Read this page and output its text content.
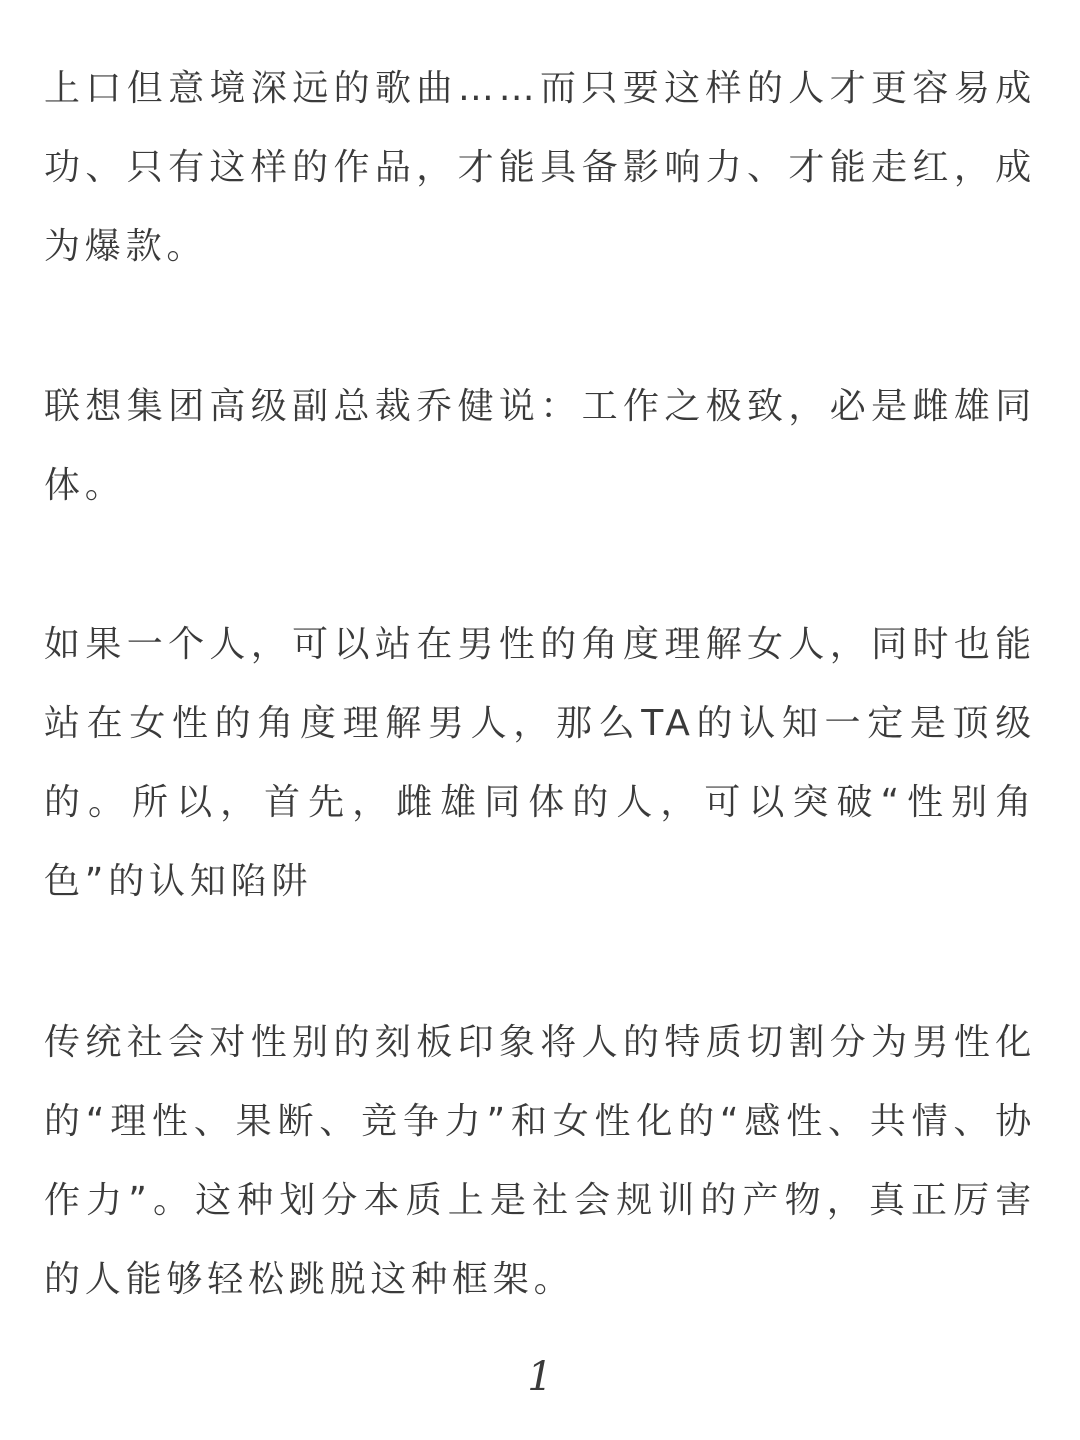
上口但意境深远的歌曲……而只要这样的人才更容易成功、只有这样的作品，才能具备影响力、才能走红，成为爆款。

联想集团高级副总裁乔健说：工作之极致，必是雌雄同体。

如果一个人，可以站在男性的角度理解女人，同时也能站在女性的角度理解男人，那么TA的认知一定是顶级的。所以，首先，雌雄同体的人，可以突破“性别角色”的认知陷阱

传统社会对性别的刻板印象将人的特质切割分为男性化的“理性、果断、竞争力”和女性化的“感性、共情、协作力”。这种划分本质上是社会规训的产物，真正厉害的人能够轻松跳脱这种框架。

1
